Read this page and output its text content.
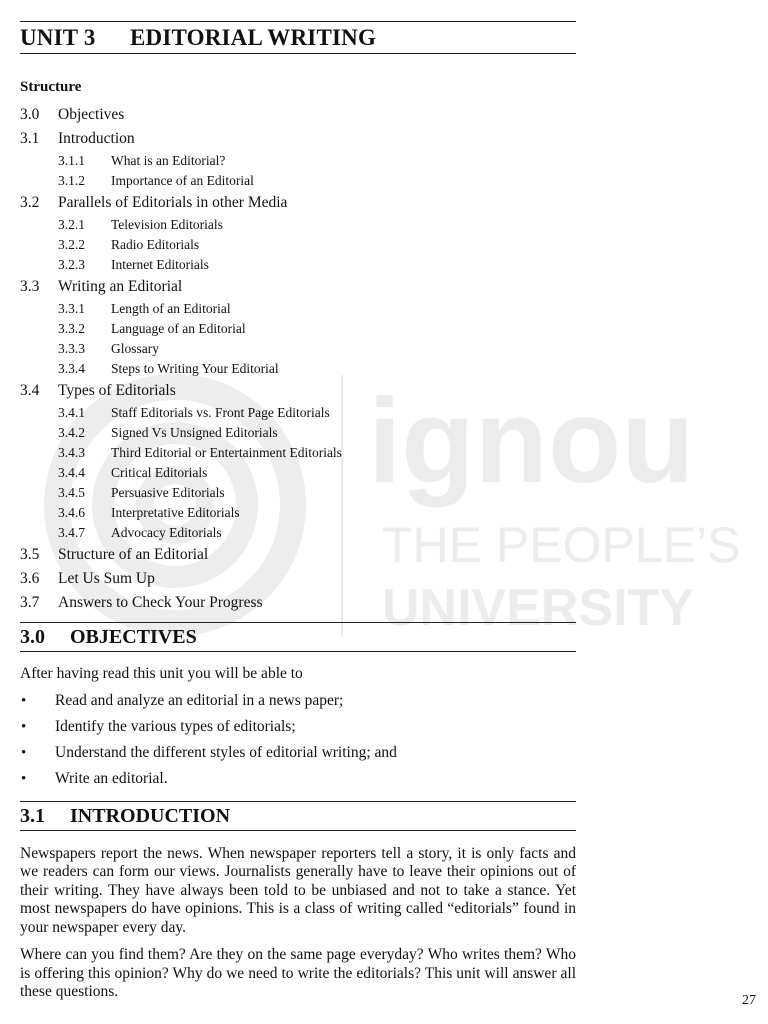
ignou
THE PEOPLE’S
UNIVERSITY
UNIT 3 EDITORIAL WRITING
Structure
3.0 Objectives
3.1 Introduction
3.1.1 What is an Editorial?
3.1.2 Importance of an Editorial
3.2 Parallels of Editorials in other Media
3.2.1 Television Editorials
3.2.2 Radio Editorials
3.2.3 Internet Editorials
3.3 Writing an Editorial
3.3.1 Length of an Editorial
3.3.2 Language of an Editorial
3.3.3 Glossary
3.3.4 Steps to Writing Your Editorial
3.4 Types of Editorials
3.4.1 Staff Editorials vs. Front Page Editorials
3.4.2 Signed Vs Unsigned Editorials
3.4.3 Third Editorial or Entertainment Editorials
3.4.4 Critical Editorials
3.4.5 Persuasive Editorials
3.4.6 Interpretative Editorials
3.4.7 Advocacy Editorials
3.5 Structure of an Editorial
3.6 Let Us Sum Up
3.7 Answers to Check Your Progress
3.0 OBJECTIVES

After having read this unit you will be able to

• Read and analyze an editorial in a news paper;
• Identify the various types of editorials;
• Understand the different styles of editorial writing; and
• Write an editorial.
3.1 INTRODUCTION

Newspapers report the news. When newspaper reporters tell a story, it is only facts and we readers can form our views. Journalists generally have to leave their opinions out of their writing. They have always been told to be unbiased and not to take a stance. Yet most newspapers do have opinions. This is a class of writing called “editorials” found in your newspaper every day.

Where can you find them? Are they on the same page everyday? Who writes them? Who is offering this opinion? Why do we need to write the editorials? This unit will answer all these questions.

27
